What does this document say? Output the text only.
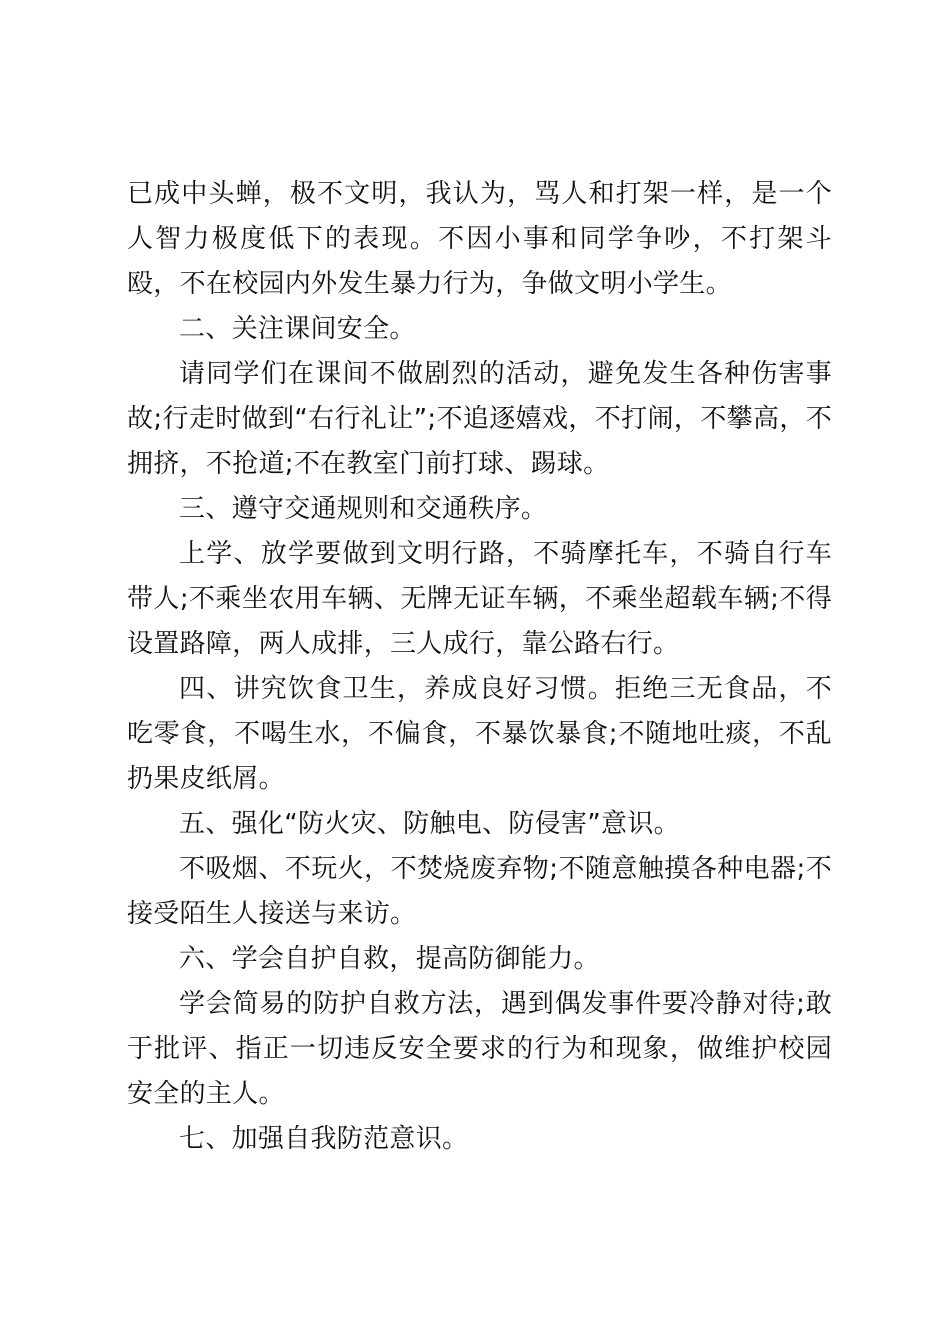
已成中头蝉，极不文明，我认为，骂人和打架一样，是一个人智力极度低下的表现。不因小事和同学争吵，不打架斗殴，不在校园内外发生暴力行为，争做文明小学生。

二、关注课间安全。

请同学们在课间不做剧烈的活动，避免发生各种伤害事故;行走时做到“右行礼让”;不追逐嬉戏，不打闹，不攀高，不拥挤，不抢道;不在教室门前打球、踢球。

三、遵守交通规则和交通秩序。

上学、放学要做到文明行路，不骑摩托车，不骑自行车带人;不乘坐农用车辆、无牌无证车辆，不乘坐超载车辆;不得设置路障，两人成排，三人成行，靠公路右行。

四、讲究饮食卫生，养成良好习惯。拒绝三无食品，不吃零食，不喝生水，不偏食，不暴饮暴食;不随地吐痰，不乱扔果皮纸屑。

五、强化“防火灾、防触电、防侵害”意识。

不吸烟、不玩火，不焚烧废弃物;不随意触摸各种电器;不接受陌生人接送与来访。

六、学会自护自救，提高防御能力。

学会简易的防护自救方法，遇到偶发事件要冷静对待;敢于批评、指正一切违反安全要求的行为和现象，做维护校园安全的主人。

七、加强自我防范意识。
